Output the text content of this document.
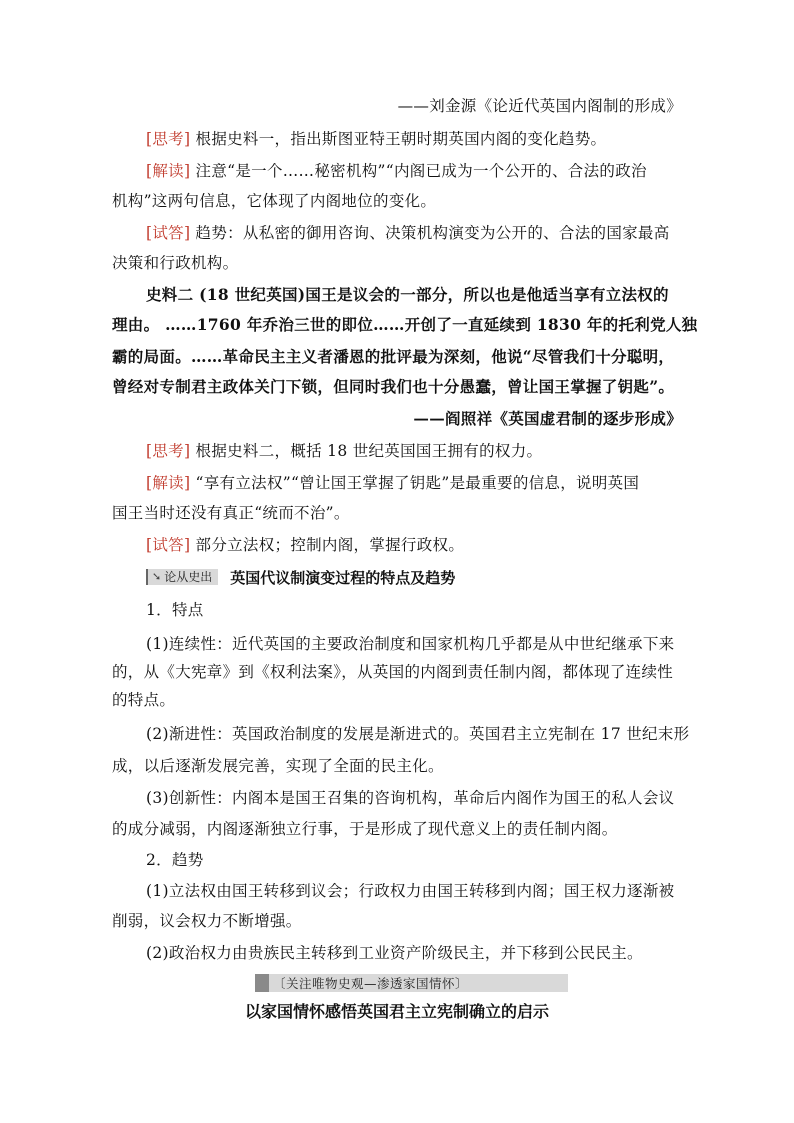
——刘金源《论近代英国内阁制的形成》
[思考] 根据史料一，指出斯图亚特王朝时期英国内阁的变化趋势。
[解读] 注意“是一个……秘密机构”“内阁已成为一个公开的、合法的政治
机构”这两句信息，它体现了内阁地位的变化。
[试答] 趋势：从私密的御用咨询、决策机构演变为公开的、合法的国家最高
决策和行政机构。
史料二 (18 世纪英国)国王是议会的一部分，所以也是他适当享有立法权的
理由。 ……1760 年乔治三世的即位……开创了一直延续到 1830 年的托利党人独
霸的局面。……革命民主主义者潘恩的批评最为深刻，他说“尽管我们十分聪明，
曾经对专制君主政体关门下锁，但同时我们也十分愚蠢，曾让国王掌握了钥匙”。
——阎照祥《英国虚君制的逐步形成》
[思考] 根据史料二，概括 18 世纪英国国王拥有的权力。
[解读] “享有立法权”“曾让国王掌握了钥匙”是最重要的信息，说明英国
国王当时还没有真正“统而不治”。
[试答] 部分立法权；控制内阁，掌握行政权。
➘ 论从史出 英国代议制演变过程的特点及趋势
1．特点
(1)连续性：近代英国的主要政治制度和国家机构几乎都是从中世纪继承下来
的，从《大宪章》到《权利法案》，从英国的内阁到责任制内阁，都体现了连续性
的特点。
(2)渐进性：英国政治制度的发展是渐进式的。英国君主立宪制在 17 世纪末形
成，以后逐渐发展完善，实现了全面的民主化。
(3)创新性：内阁本是国王召集的咨询机构，革命后内阁作为国王的私人会议
的成分减弱，内阁逐渐独立行事，于是形成了现代意义上的责任制内阁。
2．趋势
(1)立法权由国王转移到议会；行政权力由国王转移到内阁；国王权力逐渐被
削弱，议会权力不断增强。
(2)政治权力由贵族民主转移到工业资产阶级民主，并下移到公民民主。
〔关注唯物史观—渗透家国情怀〕
以家国情怀感悟英国君主立宪制确立的启示
